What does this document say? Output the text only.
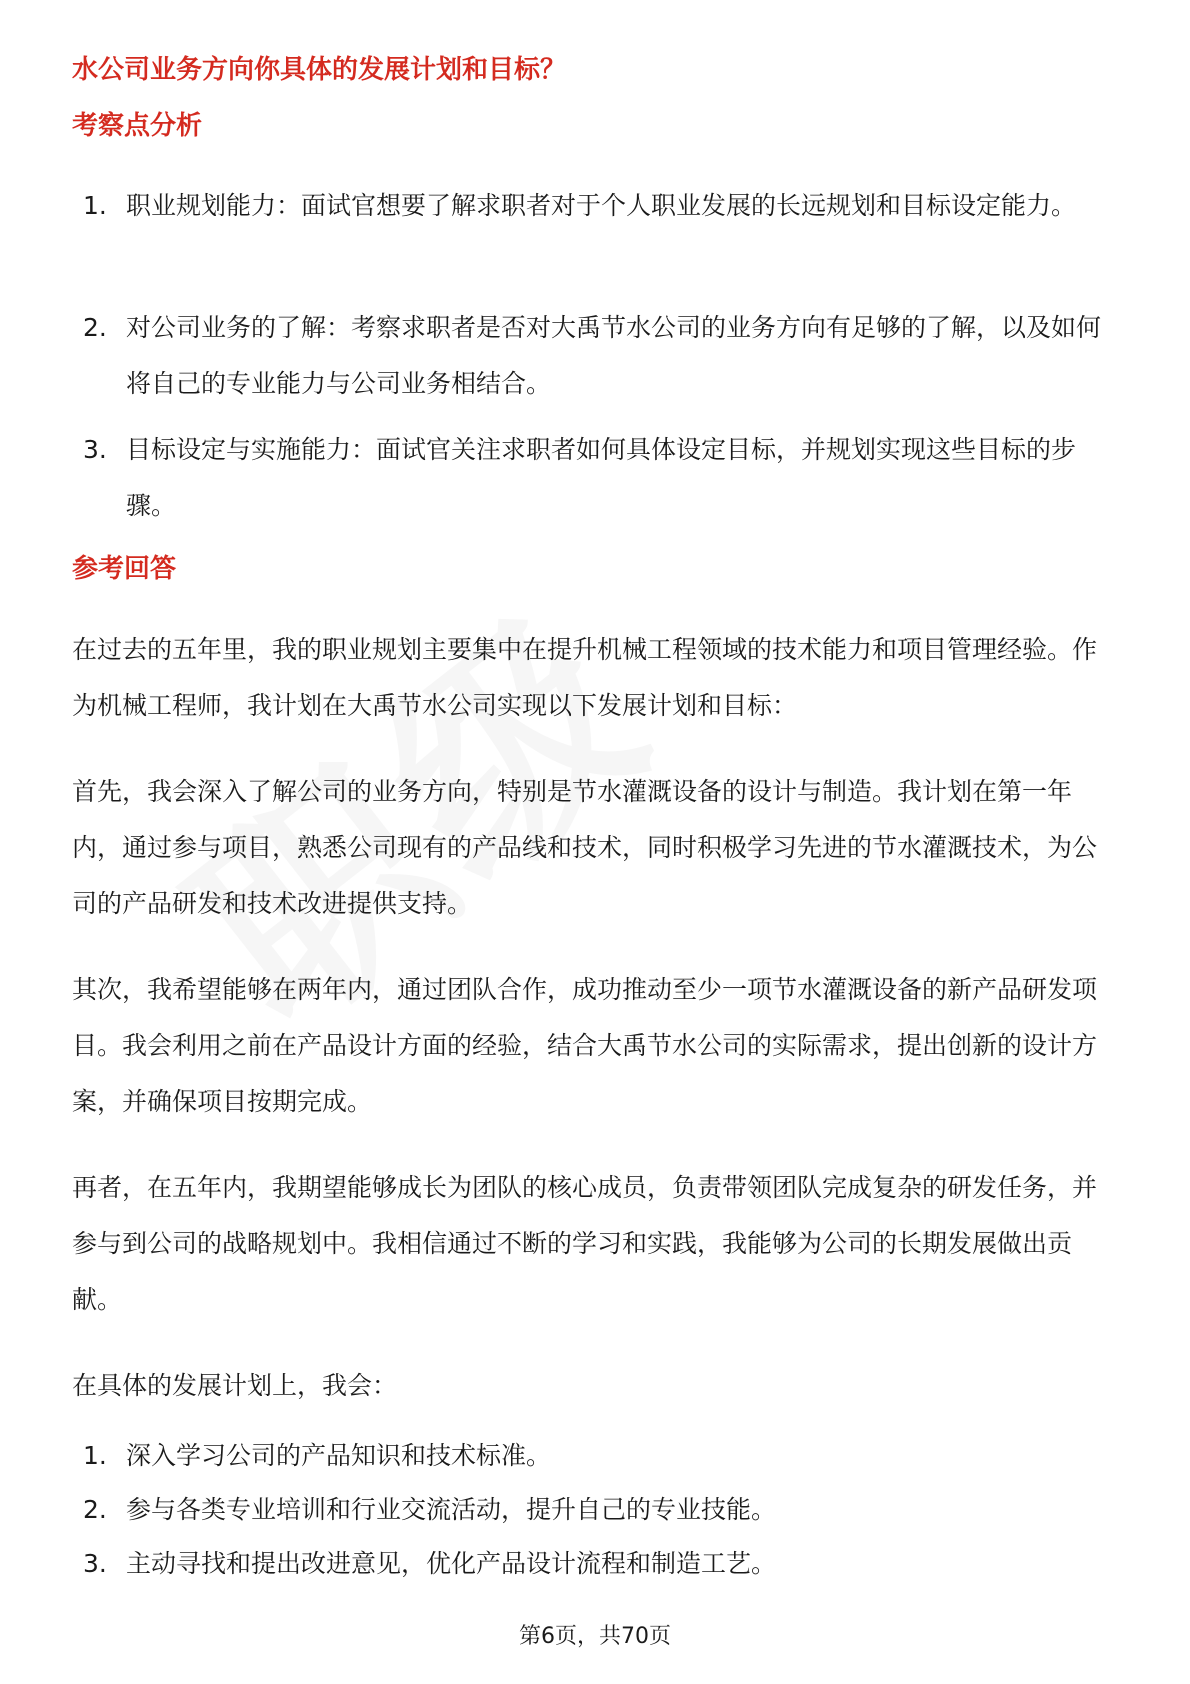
水公司业务方向你具体的发展计划和目标？
考察点分析
1. 职业规划能力：面试官想要了解求职者对于个人职业发展的长远规划和目标设定能力。
2. 对公司业务的了解：考察求职者是否对大禹节水公司的业务方向有足够的了解，以及如何将自己的专业能力与公司业务相结合。
3. 目标设定与实施能力：面试官关注求职者如何具体设定目标，并规划实现这些目标的步骤。
参考回答

在过去的五年里，我的职业规划主要集中在提升机械工程领域的技术能力和项目管理经验。作为机械工程师，我计划在大禹节水公司实现以下发展计划和目标：

首先，我会深入了解公司的业务方向，特别是节水灌溉设备的设计与制造。我计划在第一年内，通过参与项目，熟悉公司现有的产品线和技术，同时积极学习先进的节水灌溉技术，为公司的产品研发和技术改进提供支持。

其次，我希望能够在两年内，通过团队合作，成功推动至少一项节水灌溉设备的新产品研发项目。我会利用之前在产品设计方面的经验，结合大禹节水公司的实际需求，提出创新的设计方案，并确保项目按期完成。

再者，在五年内，我期望能够成长为团队的核心成员，负责带领团队完成复杂的研发任务，并参与到公司的战略规划中。我相信通过不断的学习和实践，我能够为公司的长期发展做出贡献。

在具体的发展计划上，我会：

1. 深入学习公司的产品知识和技术标准。
2. 参与各类专业培训和行业交流活动，提升自己的专业技能。
3. 主动寻找和提出改进意见，优化产品设计流程和制造工艺。
第6页，共70页
